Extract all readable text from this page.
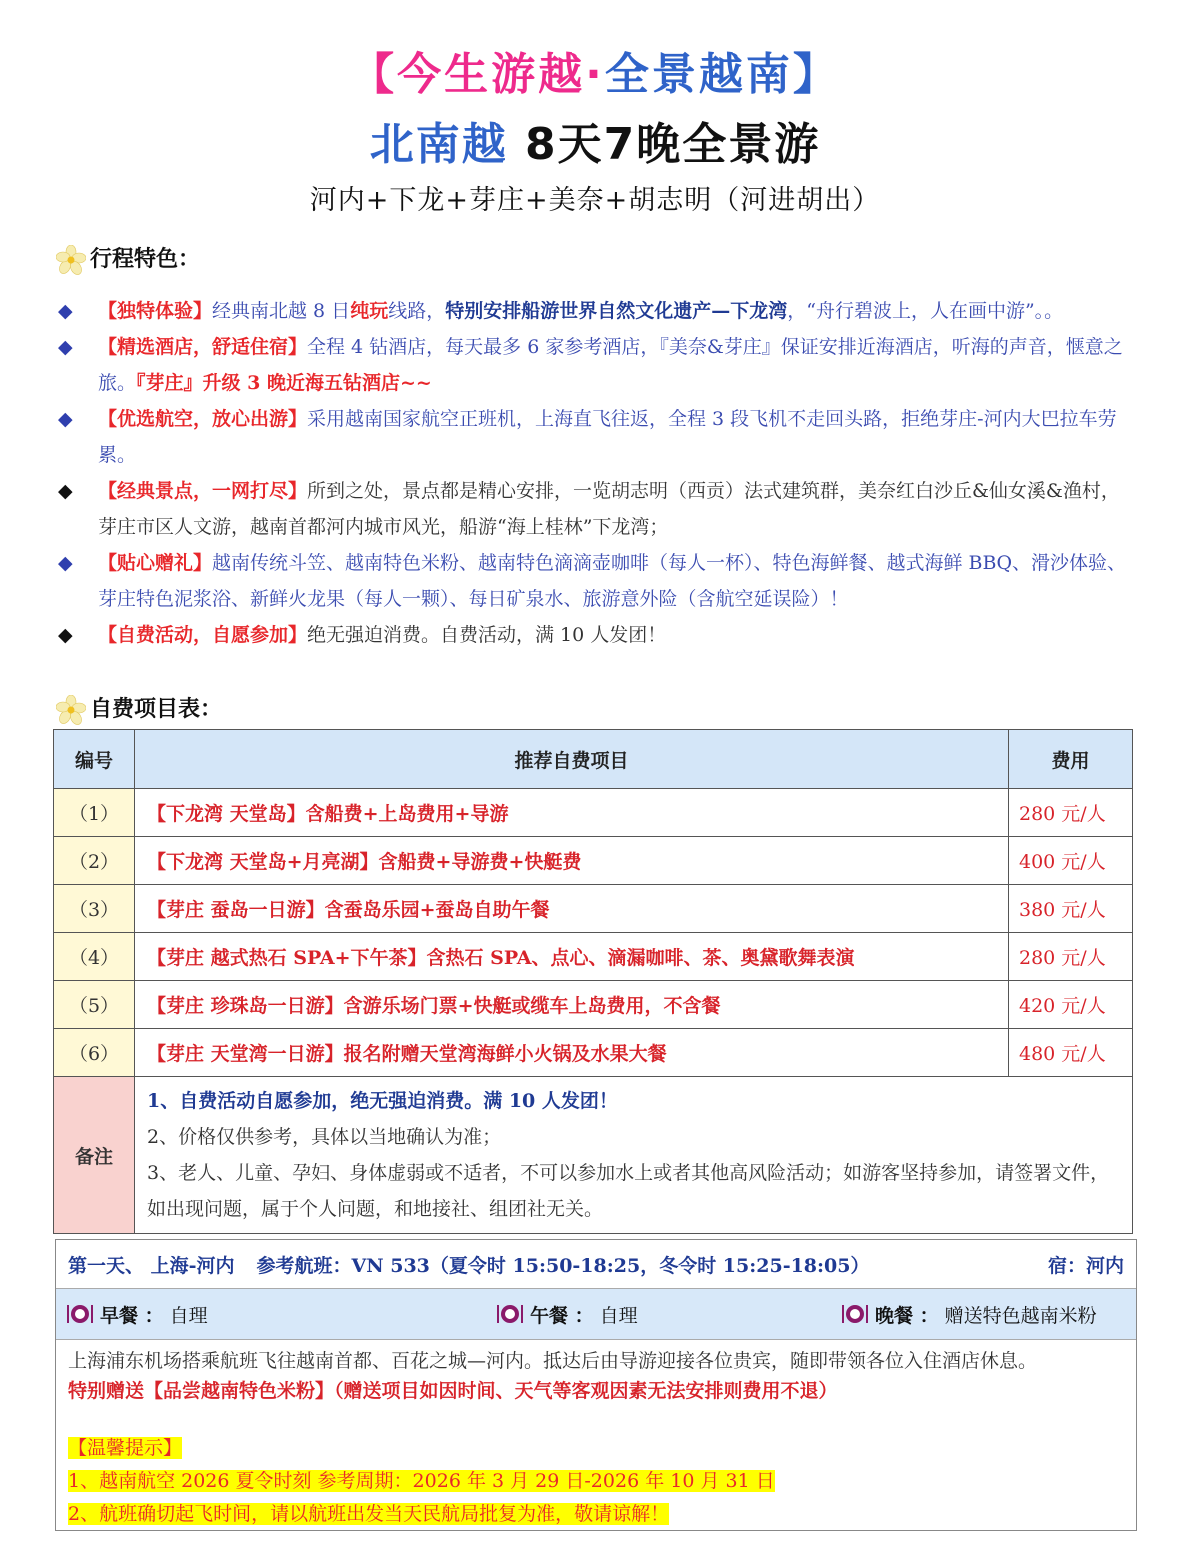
【今生游越·全景越南】
北南越 8天7晚全景游
河内+下龙+芽庄+美奈+胡志明（河进胡出）
行程特色：
◆ 【独特体验】经典南北越 8 日纯玩线路，特别安排船游世界自然文化遗产—下龙湾，“舟行碧波上，人在画中游”。。
◆ 【精选酒店，舒适住宿】全程 4 钻酒店，每天最多 6 家参考酒店，『美奈&芽庄』保证安排近海酒店，听海的声音，惬意之旅。『芽庄』升级 3 晚近海五钻酒店~~
◆ 【优选航空，放心出游】采用越南国家航空正班机，上海直飞往返，全程 3 段飞机不走回头路，拒绝芽庄-河内大巴拉车劳累。
◆ 【经典景点，一网打尽】所到之处，景点都是精心安排，一览胡志明（西贡）法式建筑群，美奈红白沙丘&仙女溪&渔村，芽庄市区人文游，越南首都河内城市风光，船游“海上桂林”下龙湾；
◆ 【贴心赠礼】越南传统斗笠、越南特色米粉、越南特色滴滴壶咖啡（每人一杯）、特色海鲜餐、越式海鲜 BBQ、滑沙体验、芽庄特色泥浆浴、新鲜火龙果（每人一颗）、每日矿泉水、旅游意外险（含航空延误险）！
◆ 【自费活动，自愿参加】绝无强迫消费。自费活动，满 10 人发团！
自费项目表：
编号	推荐自费项目	费用
（1）	【下龙湾 天堂岛】含船费+上岛费用+导游	280 元/人
（2）	【下龙湾 天堂岛+月亮湖】含船费+导游费+快艇费	400 元/人
（3）	【芽庄 蚕岛一日游】含蚕岛乐园+蚕岛自助午餐	380 元/人
（4）	【芽庄 越式热石 SPA+下午茶】含热石 SPA、点心、滴漏咖啡、茶、奥黛歌舞表演	280 元/人
（5）	【芽庄 珍珠岛一日游】含游乐场门票+快艇或缆车上岛费用，不含餐	420 元/人
（6）	【芽庄 天堂湾一日游】报名附赠天堂湾海鲜小火锅及水果大餐	480 元/人
备注	1、自费活动自愿参加，绝无强迫消费。满 10 人发团！
2、价格仅供参考，具体以当地确认为准；
3、老人、儿童、孕妇、身体虚弱或不适者，不可以参加水上或者其他高风险活动；如游客坚持参加，请签署文件，如出现问题，属于个人问题，和地接社、组团社无关。	
第一天、 上海-河内 参考航班：VN 533（夏令时 15:50-18:25，冬令时 15:25-18:05）	宿：河内
早餐 ： 自理	午餐 ： 自理	晚餐 ： 赠送特色越南米粉
上海浦东机场搭乘航班飞往越南首都、百花之城—河内。抵达后由导游迎接各位贵宾，随即带领各位入住酒店休息。
特别赠送【品尝越南特色米粉】（赠送项目如因时间、天气等客观因素无法安排则费用不退）
【温馨提示】
1、越南航空 2026 夏令时刻 参考周期：2026 年 3 月 29 日-2026 年 10 月 31 日
2、航班确切起飞时间，请以航班出发当天民航局批复为准，敬请谅解！
